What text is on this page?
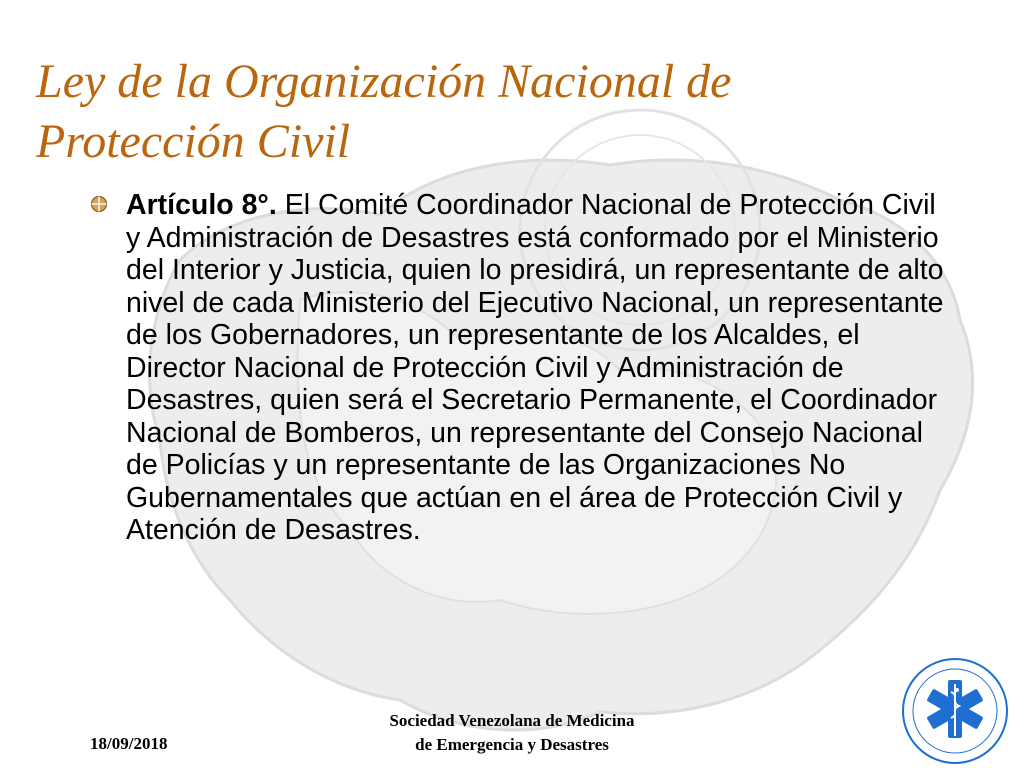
Ley de la Organización Nacional de Protección Civil

Artículo 8°. El Comité Coordinador Nacional de Protección Civil y Administración de Desastres está conformado por el Ministerio del Interior y Justicia, quien lo presidirá, un representante de alto nivel de cada Ministerio del Ejecutivo Nacional, un representante de los Gobernadores, un representante de los Alcaldes, el Director Nacional de Protección Civil y Administración de Desastres, quien será el Secretario Permanente, el Coordinador Nacional de Bomberos, un representante del Consejo Nacional de Policías y un representante de las Organizaciones No Gubernamentales que actúan en el área de Protección Civil y Atención de Desastres.

18/09/2018
Sociedad Venezolana de Medicina
de Emergencia y Desastres
